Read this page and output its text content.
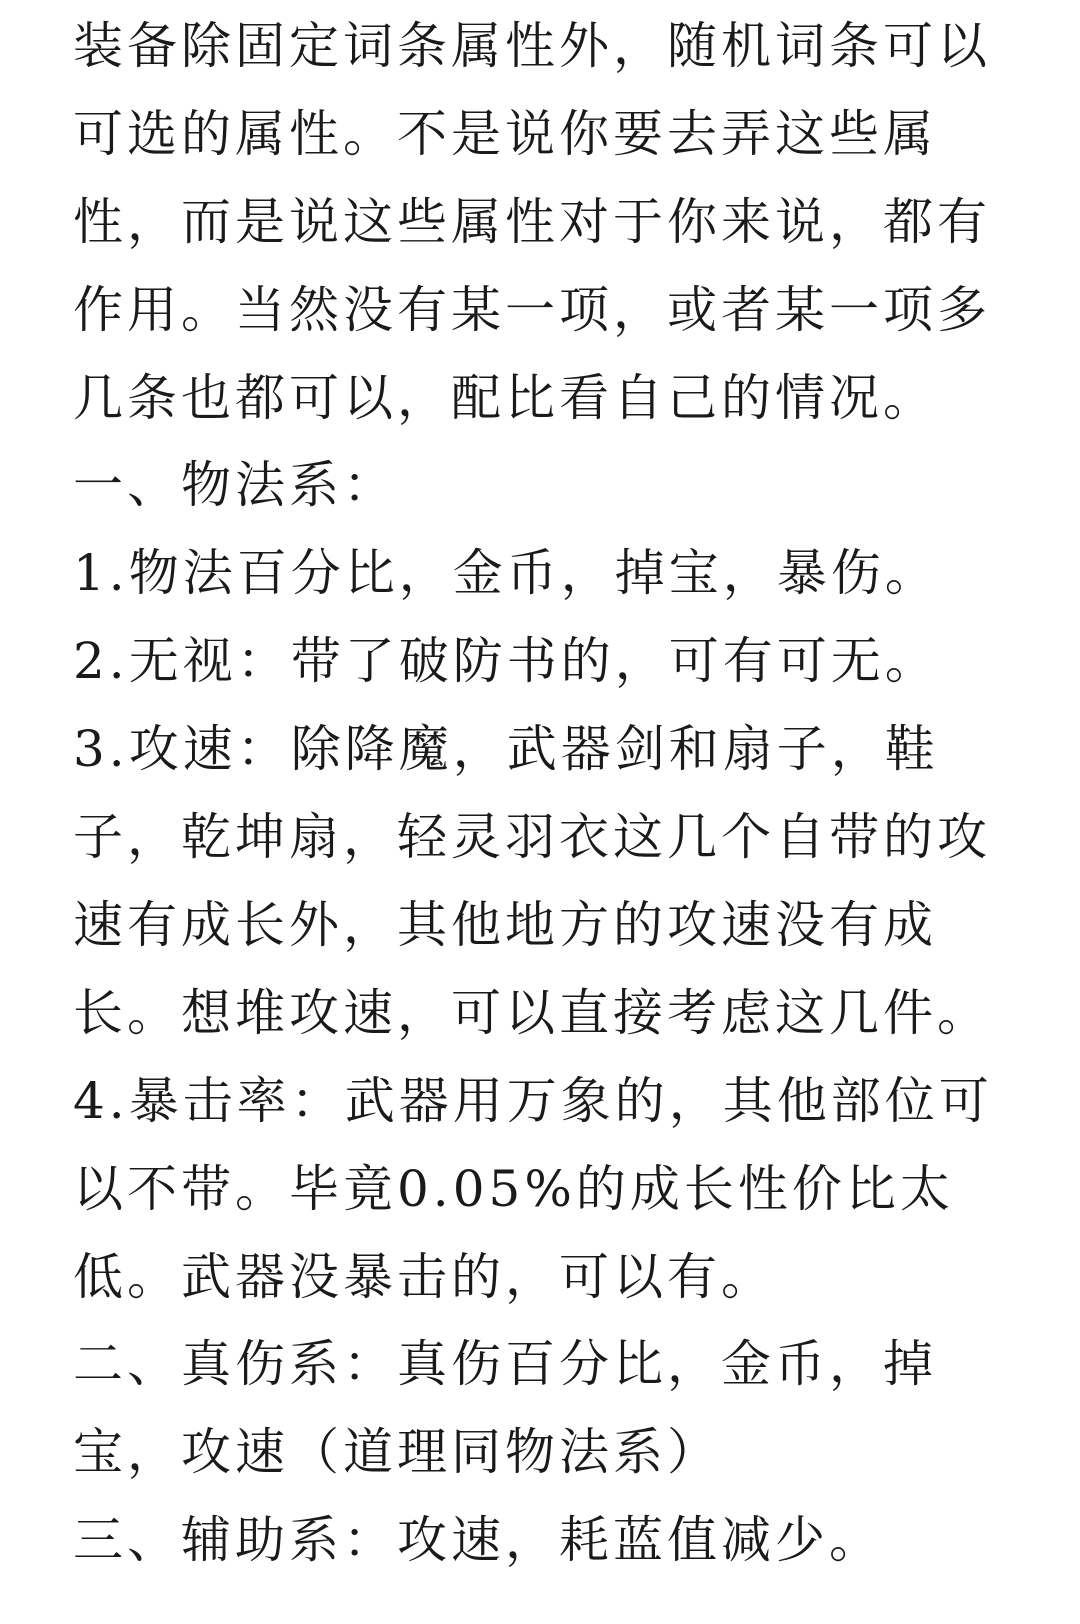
装备除固定词条属性外，随机词条可以
可选的属性。不是说你要去弄这些属
性，而是说这些属性对于你来说，都有
作用。当然没有某一项，或者某一项多
几条也都可以，配比看自己的情况。
一、物法系：
1.物法百分比，金币，掉宝，暴伤。
2.无视：带了破防书的，可有可无。
3.攻速：除降魔，武器剑和扇子，鞋
子，乾坤扇，轻灵羽衣这几个自带的攻
速有成长外，其他地方的攻速没有成
长。想堆攻速，可以直接考虑这几件。
4.暴击率：武器用万象的，其他部位可
以不带。毕竟0.05%的成长性价比太
低。武器没暴击的，可以有。
二、真伤系：真伤百分比，金币，掉
宝，攻速（道理同物法系）
三、辅助系：攻速，耗蓝值减少。
